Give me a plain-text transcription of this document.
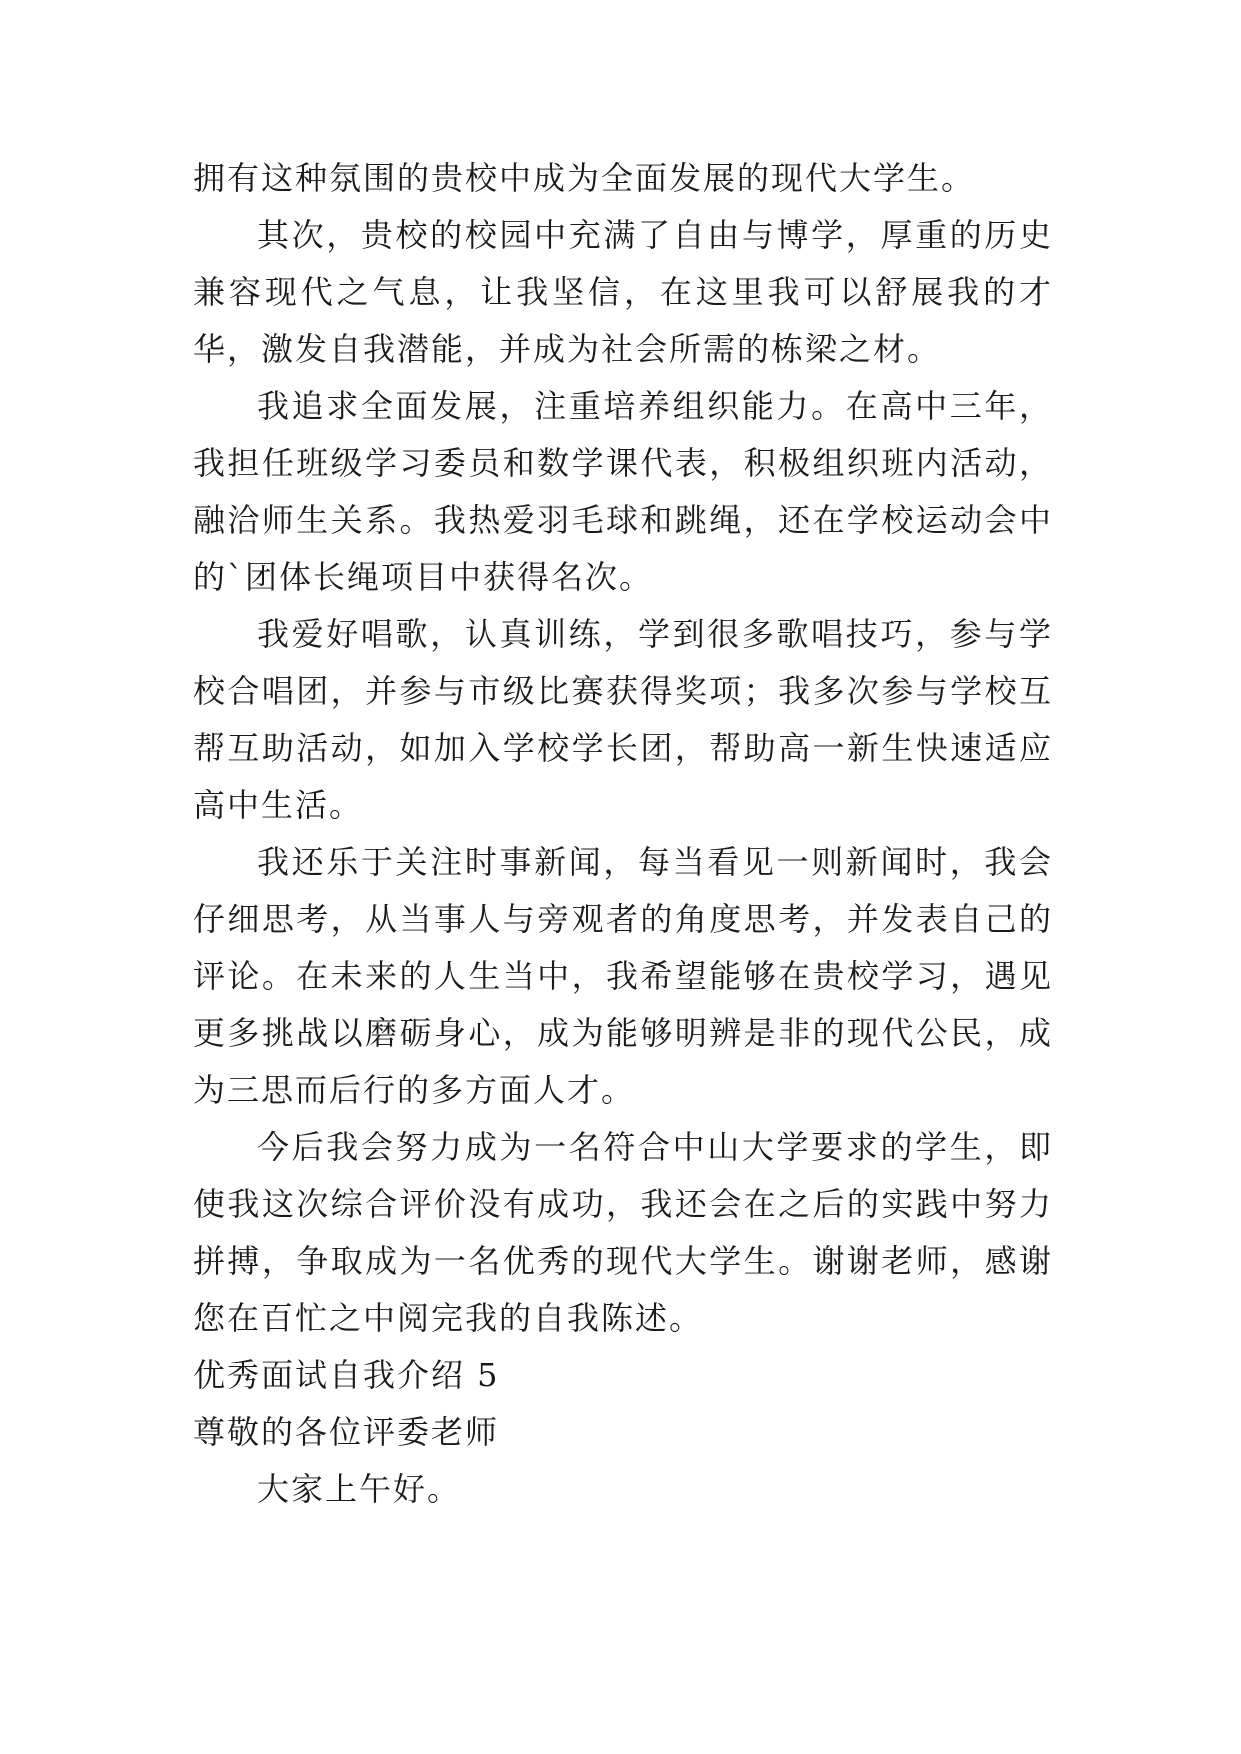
拥有这种氛围的贵校中成为全面发展的现代大学生。

其次，贵校的校园中充满了自由与博学，厚重的历史兼容现代之气息，让我坚信，在这里我可以舒展我的才华，激发自我潜能，并成为社会所需的栋梁之材。

我追求全面发展，注重培养组织能力。在高中三年，我担任班级学习委员和数学课代表，积极组织班内活动，融洽师生关系。我热爱羽毛球和跳绳，还在学校运动会中的`团体长绳项目中获得名次。

我爱好唱歌，认真训练，学到很多歌唱技巧，参与学校合唱团，并参与市级比赛获得奖项；我多次参与学校互帮互助活动，如加入学校学长团，帮助高一新生快速适应高中生活。

我还乐于关注时事新闻，每当看见一则新闻时，我会仔细思考，从当事人与旁观者的角度思考，并发表自己的评论。在未来的人生当中，我希望能够在贵校学习，遇见更多挑战以磨砺身心，成为能够明辨是非的现代公民，成为三思而后行的多方面人才。

今后我会努力成为一名符合中山大学要求的学生，即使我这次综合评价没有成功，我还会在之后的实践中努力拼搏，争取成为一名优秀的现代大学生。谢谢老师，感谢您在百忙之中阅完我的自我陈述。

优秀面试自我介绍 5

尊敬的各位评委老师

大家上午好。
